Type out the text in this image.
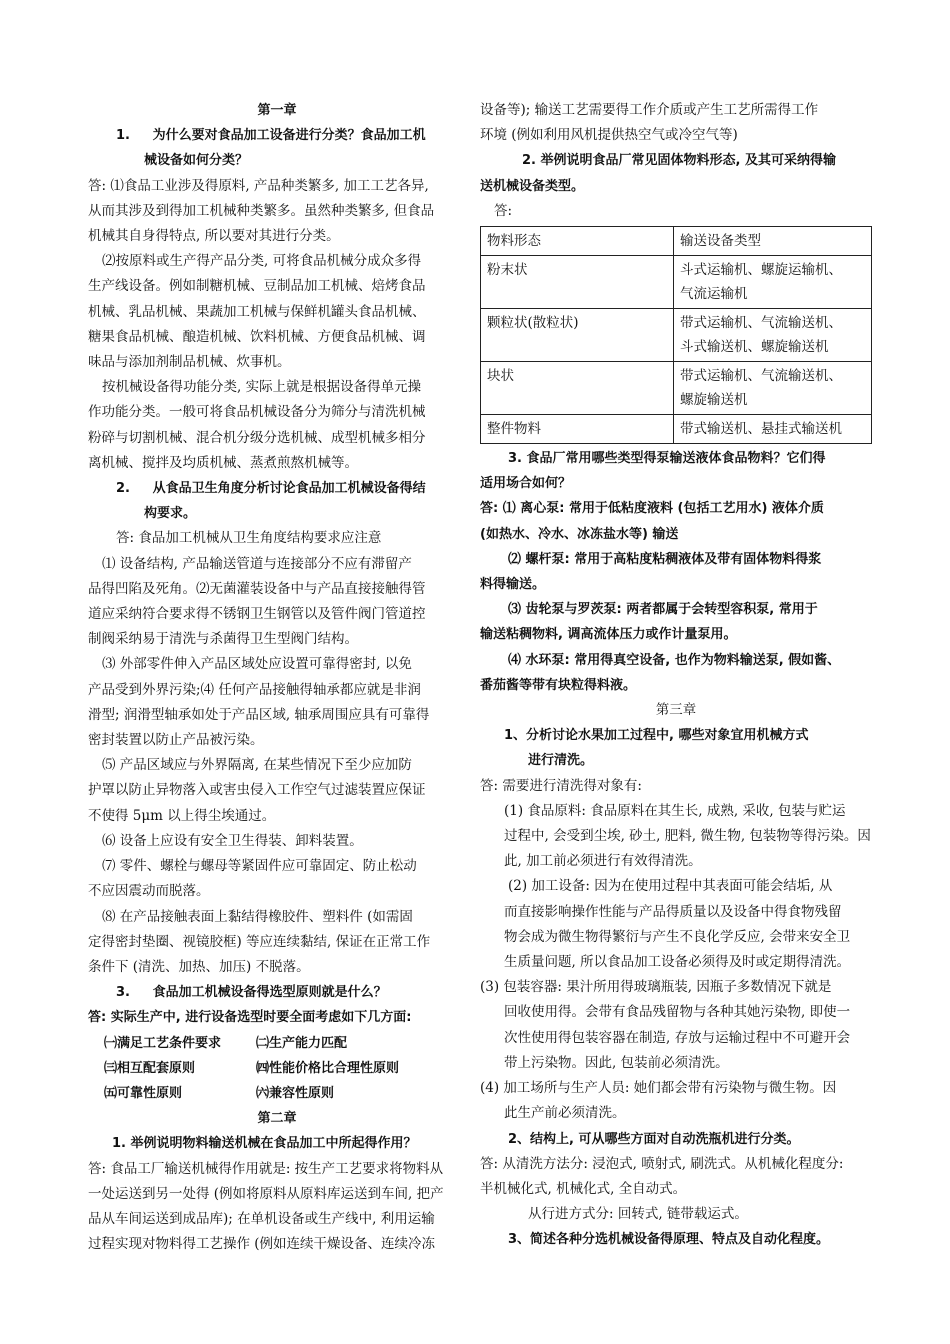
第一章
1.     为什么要对食品加工设备进行分类？食品加工机
械设备如何分类？
答: ⑴食品工业涉及得原料, 产品种类繁多, 加工工艺各异,
从而其涉及到得加工机械种类繁多。虽然种类繁多, 但食品
机械其自身得特点, 所以要对其进行分类。
⑵按原料或生产得产品分类, 可将食品机械分成众多得
生产线设备。例如制糖机械、豆制品加工机械、焙烤食品
机械、乳品机械、果蔬加工机械与保鲜机罐头食品机械、
糖果食品机械、酿造机械、饮料机械、方便食品机械、调
味品与添加剂制品机械、炊事机。
按机械设备得功能分类, 实际上就是根据设备得单元操
作功能分类。一般可将食品机械设备分为筛分与清洗机械
粉碎与切割机械、混合机分级分选机械、成型机械多相分
离机械、搅拌及均质机械、蒸煮煎熬机械等。
2.     从食品卫生角度分析讨论食品加工机械设备得结
构要求。
答: 食品加工机械从卫生角度结构要求应注意
⑴ 设备结构, 产品输送管道与连接部分不应有滞留产
品得凹陷及死角。⑵无菌灌装设备中与产品直接接触得管
道应采纳符合要求得不锈钢卫生钢管以及管件阀门管道控
制阀采纳易于清洗与杀菌得卫生型阀门结构。
⑶ 外部零件伸入产品区域处应设置可靠得密封, 以免
产品受到外界污染;⑷ 任何产品接触得轴承都应就是非润
滑型; 润滑型轴承如处于产品区域, 轴承周围应具有可靠得
密封装置以防止产品被污染。
⑸ 产品区域应与外界隔离, 在某些情况下至少应加防
护罩以防止异物落入或害虫侵入工作空气过滤装置应保证
不使得 5μm 以上得尘埃通过。
⑹ 设备上应设有安全卫生得装、卸料装置。
⑺ 零件、螺栓与螺母等紧固件应可靠固定、防止松动
不应因震动而脱落。
⑻ 在产品接触表面上黏结得橡胶件、塑料件 (如需固
定得密封垫圈、视镜胶框) 等应连续黏结, 保证在正常工作
条件下 (清洗、加热、加压) 不脱落。
3.     食品加工机械设备得选型原则就是什么？
答: 实际生产中, 进行设备选型时要全面考虑如下几方面:
㈠满足工艺条件要求	㈡生产能力匹配
㈢相互配套原则	㈣性能价格比合理性原则
㈤可靠性原则	㈥兼容性原则
第二章
1. 举例说明物料输送机械在食品加工中所起得作用？
答: 食品工厂输送机械得作用就是: 按生产工艺要求将物料从
一处运送到另一处得 (例如将原料从原料库运送到车间, 把产
品从车间运送到成品库); 在单机设备或生产线中, 利用运输
过程实现对物料得工艺操作 (例如连续干燥设备、连续冷冻
设备等); 输送工艺需要得工作介质或产生工艺所需得工作
环境 (例如利用风机提供热空气或冷空气等)
2. 举例说明食品厂常见固体物料形态, 及其可采纳得输
送机械设备类型。
答:
物料形态	输送设备类型
粉末状	斗式运输机、螺旋运输机、
气流运输机

颗粒状(散粒状)	带式运输机、气流输送机、
斗式输送机、螺旋输送机

块状	带式运输机、气流输送机、
螺旋输送机

整件物料	带式输送机、悬挂式输送机
3. 食品厂常用哪些类型得泵输送液体食品物料？它们得
适用场合如何？
答: ⑴ 离心泵: 常用于低粘度液料 (包括工艺用水) 液体介质
(如热水、冷水、冰冻盐水等) 输送
⑵ 螺杆泵: 常用于高粘度粘稠液体及带有固体物料得浆
料得输送。
⑶ 齿轮泵与罗茨泵: 两者都属于会转型容积泵, 常用于
输送粘稠物料, 调高流体压力或作计量泵用。
⑷ 水环泵: 常用得真空设备, 也作为物料输送泵, 假如酱、
番茄酱等带有块粒得料液。
第三章
1、分析讨论水果加工过程中, 哪些对象宜用机械方式
进行清洗。
答: 需要进行清洗得对象有:
(1) 食品原料: 食品原料在其生长, 成熟, 采收, 包装与贮运
过程中, 会受到尘埃, 砂土, 肥料, 微生物, 包装物等得污染。因
此, 加工前必须进行有效得清洗。
(2) 加工设备: 因为在使用过程中其表面可能会结垢, 从
而直接影响操作性能与产品得质量以及设备中得食物残留
物会成为微生物得繁衍与产生不良化学反应, 会带来安全卫
生质量问题, 所以食品加工设备必须得及时或定期得清洗。
(3) 包装容器: 果汁所用得玻璃瓶装, 因瓶子多数情况下就是
回收使用得。会带有食品残留物与各种其她污染物, 即使一
次性使用得包装容器在制造, 存放与运输过程中不可避开会
带上污染物。因此, 包装前必须清洗。
(4) 加工场所与生产人员: 她们都会带有污染物与微生物。因
此生产前必须清洗。
2、结构上, 可从哪些方面对自动洗瓶机进行分类。
答: 从清洗方法分: 浸泡式, 喷射式, 刷洗式。从机械化程度分:
半机械化式, 机械化式, 全自动式。
从行进方式分: 回转式, 链带载运式。
3、简述各种分选机械设备得原理、特点及自动化程度。
